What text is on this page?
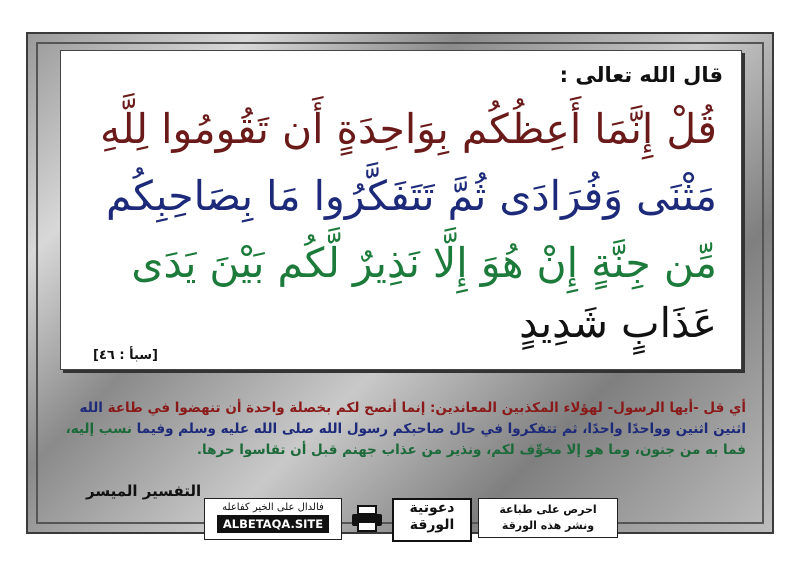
قال الله تعالى :
قُلْ إِنَّمَا أَعِظُكُم بِوَاحِدَةٍ أَن تَقُومُوا لِلَّهِ
مَثْنَى وَفُرَادَى ثُمَّ تَتَفَكَّرُوا مَا بِصَاحِبِكُم
مِّن جِنَّةٍ إِنْ هُوَ إِلَّا نَذِيرٌ لَّكُم بَيْنَ يَدَى
عَذَابٍ شَدِيدٍ
[سبأ : ٤٦]
أي قل -أيها الرسول- لهؤلاء المكذبين المعاندين: إنما أنصح لكم بخصلة واحدة أن تنهضوا في طاعة الله اثنين اثنين وواحدًا واحدًا، ثم تتفكروا في حال صاحبكم رسول الله صلى الله عليه وسلم وفيما نسب إليه، فما به من جنون، وما هو إلا مخوِّف لكم، ونذير من عذاب جهنم قبل أن تقاسوا حرها.
التفسير الميسر
فالدال على الخير كفاعله
ALBETAQA.SITE
دعوتية الورقة
احرص على طباعة
ونشر هذه الورقة
